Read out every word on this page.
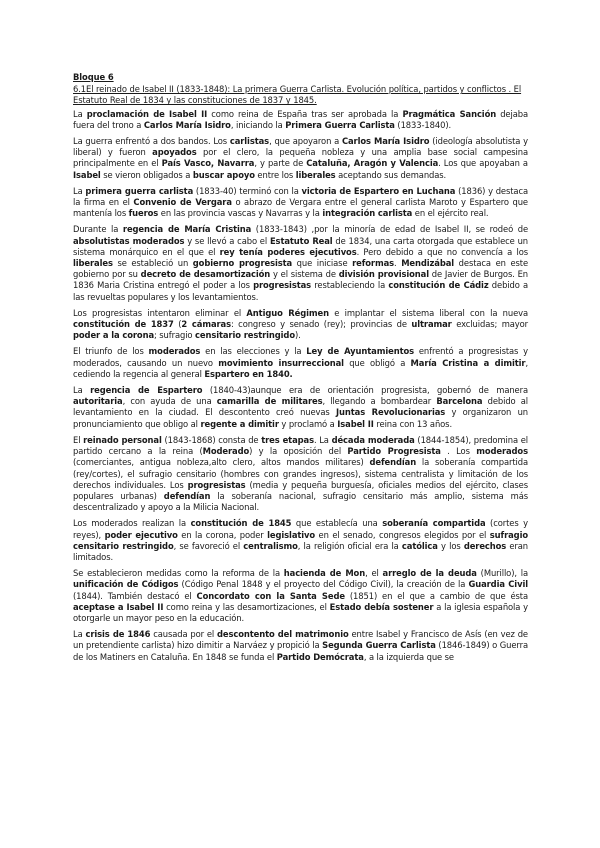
Bloque 6
6.1El reinado de Isabel II (1833-1848): La primera Guerra Carlista. Evolución política, partidos y conflictos . El Estatuto Real de 1834 y las constituciones de 1837 y 1845.

La proclamación de Isabel II como reina de España tras ser aprobada la Pragmática Sanción dejaba fuera del trono a Carlos María Isidro, iniciando la Primera Guerra Carlista (1833-1840).

La guerra enfrentó a dos bandos. Los carlistas, que apoyaron a Carlos María Isidro (ideología absolutista y liberal) y fueron apoyados por el clero, la pequeña nobleza y una amplia base social campesina principalmente en el País Vasco, Navarra, y parte de Cataluña, Aragón y Valencia. Los que apoyaban a Isabel se vieron obligados a buscar apoyo entre los liberales aceptando sus demandas.

La primera guerra carlista (1833-40) terminó con la victoria de Espartero en Luchana (1836) y destaca la firma en el Convenio de Vergara o abrazo de Vergara entre el general carlista Maroto y Espartero que mantenía los fueros en las provincia vascas y Navarras y la integración carlista en el ejército real.

Durante la regencia de María Cristina (1833-1843) ,por la minoría de edad de Isabel II, se rodeó de absolutistas moderados y se llevó a cabo el Estatuto Real de 1834, una carta otorgada que establece un sistema monárquico en el que el rey tenía poderes ejecutivos. Pero debido a que no convencía a los liberales se estableció un gobierno progresista que iniciase reformas. Mendizábal destaca en este gobierno por su decreto de desamortización y el sistema de división provisional de Javier de Burgos. En 1836 Maria Cristina entregó el poder a los progresistas restableciendo la constitución de Cádiz debido a las revueltas populares y los levantamientos.

Los progresistas intentaron eliminar el Antiguo Régimen e implantar el sistema liberal con la nueva constitución de 1837 (2 cámaras: congreso y senado (rey); provincias de ultramar excluidas; mayor poder a la corona; sufragio censitario restringido).

El triunfo de los moderados en las elecciones y la Ley de Ayuntamientos enfrentó a progresistas y moderados, causando un nuevo movimiento insurreccional que obligó a María Cristina a dimitir, cediendo la regencia al general Espartero en 1840.

La regencia de Espartero (1840-43)aunque era de orientación progresista, gobernó de manera autoritaria, con ayuda de una camarilla de militares, llegando a bombardear Barcelona debido al levantamiento en la ciudad. El descontento creó nuevas Juntas Revolucionarias y organizaron un pronunciamiento que obligo al regente a dimitir y proclamó a Isabel II reina con 13 años.

El reinado personal (1843-1868) consta de tres etapas. La década moderada (1844-1854), predomina el partido cercano a la reina (Moderado) y la oposición del Partido Progresista . Los moderados (comerciantes, antigua nobleza,alto clero, altos mandos militares) defendían la soberanía compartida (rey/cortes), el sufragio censitario (hombres con grandes ingresos), sistema centralista y limitación de los derechos individuales. Los progresistas (media y pequeña burguesía, oficiales medios del ejército, clases populares urbanas) defendían la soberanía nacional, sufragio censitario más amplio, sistema más descentralizado y apoyo a la Milicia Nacional.

Los moderados realizan la constitución de 1845 que establecía una soberanía compartida (cortes y reyes), poder ejecutivo en la corona, poder legislativo en el senado, congresos elegidos por el sufragio censitario restringido, se favoreció el centralismo, la religión oficial era la católica y los derechos eran limitados.

Se establecieron medidas como la reforma de la hacienda de Mon, el arreglo de la deuda (Murillo), la unificación de Códigos (Código Penal 1848 y el proyecto del Código Civil), la creación de la Guardia Civil (1844). También destacó el Concordato con la Santa Sede (1851) en el que a cambio de que ésta aceptase a Isabel II como reina y las desamortizaciones, el Estado debía sostener a la iglesia española y otorgarle un mayor peso en la educación.

La crisis de 1846 causada por el descontento del matrimonio entre Isabel y Francisco de Asís (en vez de un pretendiente carlista) hizo dimitir a Narváez y propició la Segunda Guerra Carlista (1846-1849) o Guerra de los Matiners en Cataluña. En 1848 se funda el Partido Demócrata, a la izquierda que se
